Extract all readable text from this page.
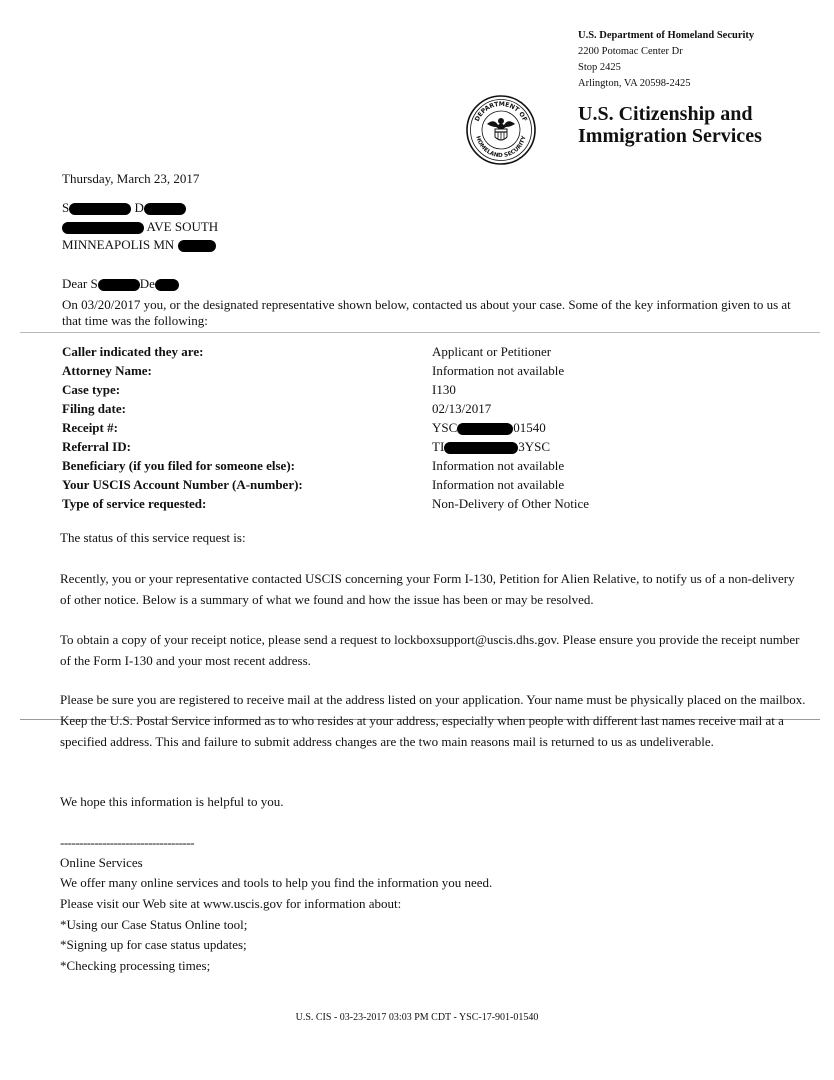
U.S. Department of Homeland Security
2200 Potomac Center Dr
Stop 2425
Arlington, VA 20598-2425
DEPARTMENT OF
HOMELAND SECURITY
U.S. Citizenship and
Immigration Services
Thursday, March 23, 2017
S	D
AVE SOUTH
MINNEAPOLIS MN
Dear S	De
On 03/20/2017 you, or the designated representative shown below, contacted us about your case. Some of the key information given to us at that time was the following:
Caller indicated they are:	Applicant or Petitioner
Attorney Name:	Information not available
Case type:	I130
Filing date:	02/13/2017
Receipt #:	YSC	01540
Referral ID:	TI	3YSC
Beneficiary (if you filed for someone else):	Information not available
Your USCIS Account Number (A-number):	Information not available
Type of service requested:	Non-Delivery of Other Notice
The status of this service request is:
Recently, you or your representative contacted USCIS concerning your Form I-130, Petition for Alien Relative, to notify us of a non-delivery of other notice. Below is a summary of what we found and how the issue has been or may be resolved.
To obtain a copy of your receipt notice, please send a request to lockboxsupport@uscis.dhs.gov. Please ensure you provide the receipt number of the Form I-130 and your most recent address.
Please be sure you are registered to receive mail at the address listed on your application. Your name must be physically placed on the mailbox. Keep the U.S. Postal Service informed as to who resides at your address, especially when people with different last names receive mail at a specified address. This and failure to submit address changes are the two main reasons mail is returned to us as undeliverable.
We hope this information is helpful to you.
-----------------------------------
Online Services
We offer many online services and tools to help you find the information you need.
Please visit our Web site at www.uscis.gov for information about:
*Using our Case Status Online tool;
*Signing up for case status updates;
*Checking processing times;
U.S. CIS - 03-23-2017 03:03 PM CDT - YSC-17-901-01540
